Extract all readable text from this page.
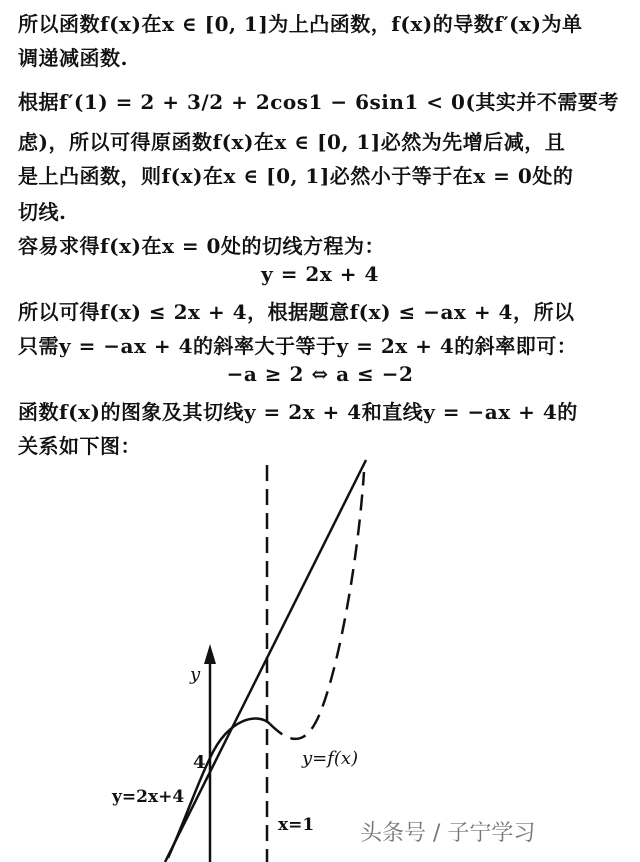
所以函数f(x)在x ∈ [0, 1]为上凸函数，f(x)的导数f′(x)为单
调递减函数.
根据f′(1) = 2 + 3/2 + 2cos1 − 6sin1 < 0(其实并不需要考
虑)，所以可得原函数f(x)在x ∈ [0, 1]必然为先增后减，且
是上凸函数，则f(x)在x ∈ [0, 1]必然小于等于在x = 0处的
切线.
容易求得f(x)在x = 0处的切线方程为：
y = 2x + 4
所以可得f(x) ≤ 2x + 4，根据题意f(x) ≤ −ax + 4，所以
只需y = −ax + 4的斜率大于等于y = 2x + 4的斜率即可：
−a ≥ 2 ⇔ a ≤ −2
函数f(x)的图象及其切线y = 2x + 4和直线y = −ax + 4的
关系如下图：
y
4	y=f(x)
y=2x+4
x=1 头条号 / 子宁学习
